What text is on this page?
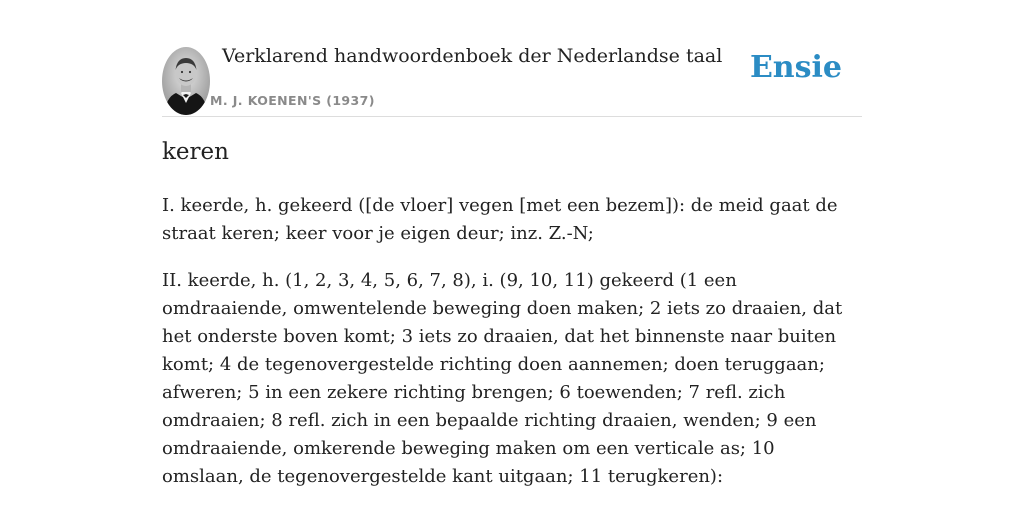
Verklarend handwoordenboek der Nederlandse taal
M. J. KOENEN'S (1937)
Ensie
keren

I. keerde, h. gekeerd ([de vloer] vegen [met een bezem]): de meid gaat de straat keren; keer voor je eigen deur; inz. Z.-N;

II. keerde, h. (1, 2, 3, 4, 5, 6, 7, 8), i. (9, 10, 11) gekeerd (1 een omdraaiende, omwentelende beweging doen maken; 2 iets zo draaien, dat het onderste boven komt; 3 iets zo draaien, dat het binnenste naar buiten komt; 4 de tegenovergestelde richting doen aannemen; doen teruggaan; afweren; 5 in een zekere richting brengen; 6 toewenden; 7 refl. zich omdraaien; 8 refl. zich in een bepaalde richting draaien, wenden; 9 een omdraaiende, omkerende beweging maken om een verticale as; 10 omslaan, de tegenovergestelde kant uitgaan; 11 terugkeren):
